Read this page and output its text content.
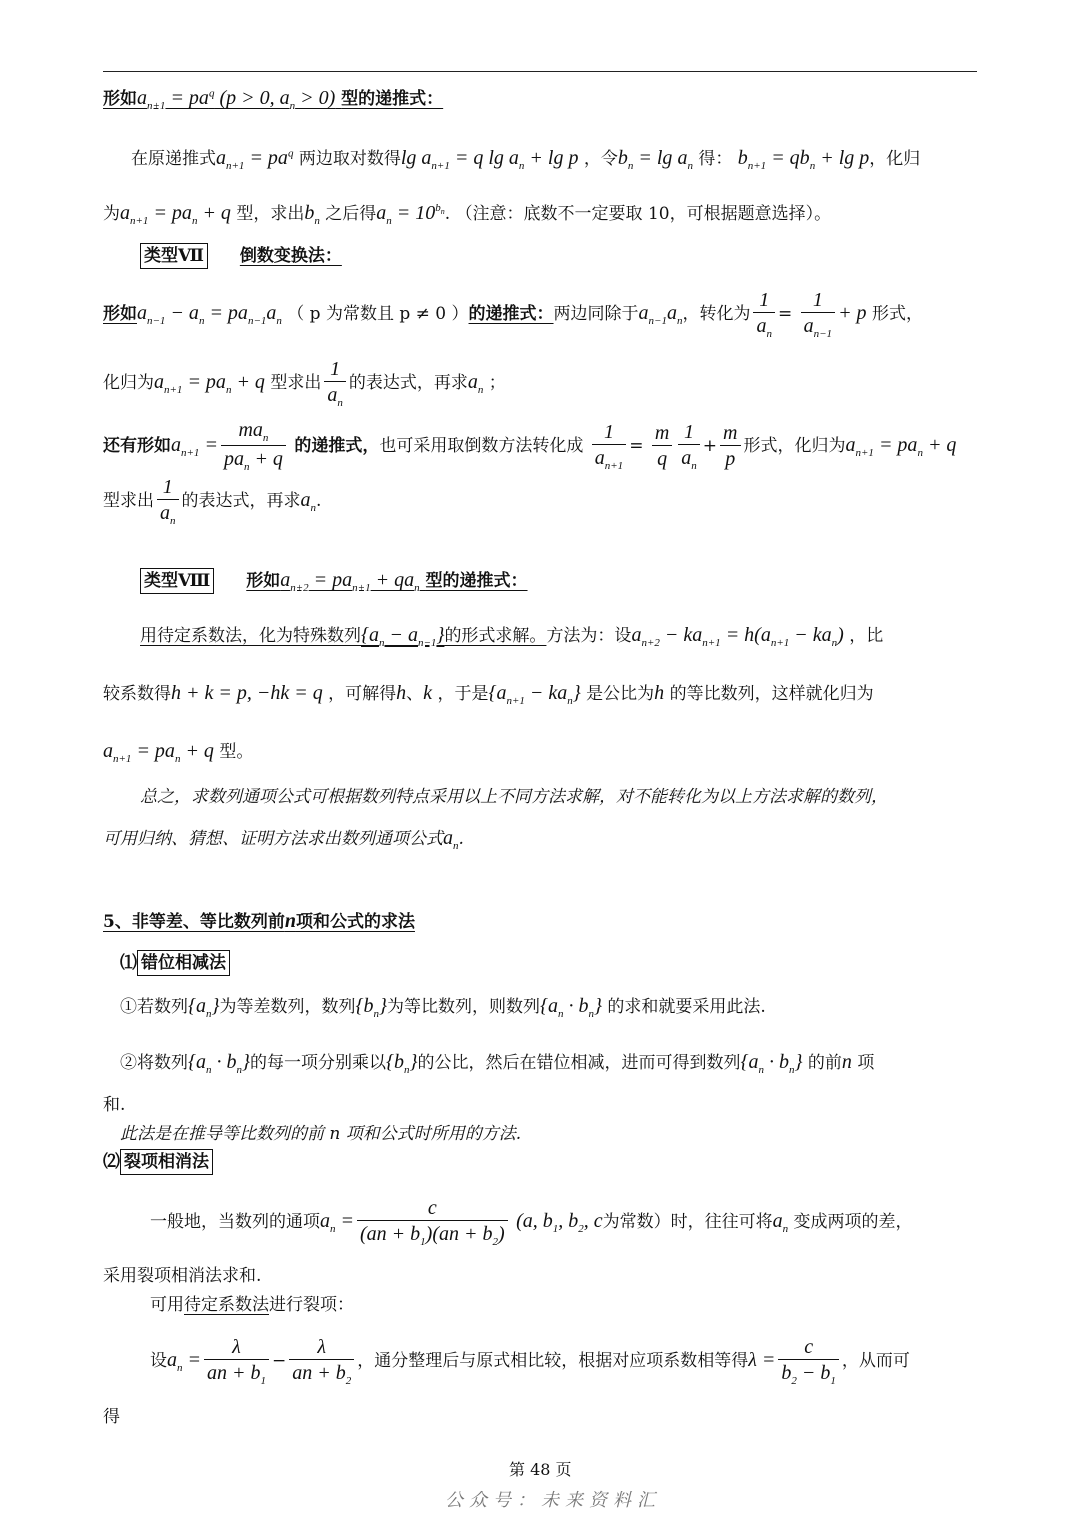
形如$a_{n+1} = pa_q$ (p > 0, $a_n > 0$) 型的递推式：
在原递推式$a_{n+1} = pa^q$ 两边取对数得$\lg a_{n+1} = q$ $\lg a_n + \lg p$ ，令$b_n = \lg a_n$ 得： $b_{n+1} = qb_n + \lg p$，化归
为$a_{n+1} = pa_n + q$ 型，求出$b_n$ 之后得$a_n = 10^{b_n}$. （注意：底数不一定要取 10，可根据题意选择）。
类型Ⅶ 倒数变换法：
形如$a_{n-1} - a_n = pa_{n-1}a_n$ （ p 为常数且 p ≠ 0 ）的递推式：两边同除于$a_{n-1}a_n$，转化为 $\frac{1}{a_n} = \frac{1}{a_{n-1}} + p$ 形式，
化归为$a_{n+1} = pa_n + q$ 型求出 $\frac{1}{a_n}$ 的表达式，再求$a_n$ ；
还有形如$a_{n+1} = \frac{ma_n}{pa_n + q}$ 的递推式，也可采用取倒数方法转化成 $\frac{1}{a_{n+1}} = \frac{m}{q} \frac{1}{a_n} + \frac{m}{p}$ 形式，化归为$a_{n+1} = pa_n + q$
型求出 $\frac{1}{a_n}$ 的表达式，再求$a_n$.
类型Ⅷ 形如$a_{n+2} = pa_{n+1} + qa_n$ 型的递推式：
用待定系数法，化为特殊数列$\{a_n - a_{n-1}\}$的形式求解。方法为：设$a_{n+2} - ka_{n+1} = h(a_{n+1} - ka_n)$ ，比
较系数得h + k = p, −hk = q ，可解得h、k ，于是$\{a_{n+1} - ka_n\}$ 是公比为h 的等比数列，这样就化归为
$a_{n+1} = pa_n + q$ 型。
总之，求数列通项公式可根据数列特点采用以上不同方法求解，对不能转化为以上方法求解的数列，
可用归纳、猜想、证明方法求出数列通项公式$a_n$.
5、非等差、等比数列前n项和公式的求法
⑴ 错位相减法
①若数列$\{a_n\}$为等差数列，数列$\{b_n\}$为等比数列，则数列$\{a_n \cdot b_n\}$ 的求和就要采用此法.
②将数列$\{a_n \cdot b_n\}$的每一项分别乘以$\{b_n\}$的公比，然后在错位相减，进而可得到数列$\{a_n \cdot b_n\}$ 的前n 项
和.
此法是在推导等比数列的前 n 项和公式时所用的方法.
⑵ 裂项相消法
一般地，当数列的通项$a_n = \frac{c}{(an + b_1)(an + b_2)} (a$, $b_1$, $b_2$, c为常数）时，往往可将$a_n$ 变成两项的差，
采用裂项相消法求和.
可用待定系数法进行裂项：
设$a_n = \frac{\lambda}{an + b_1} - \frac{\lambda}{an + b_2}$ ，通分整理后与原式相比较，根据对应项系数相等得$\lambda = \frac{c}{b_2 - b_1}$ ，从而可
得
第 48 页
公众号：未来资料汇
